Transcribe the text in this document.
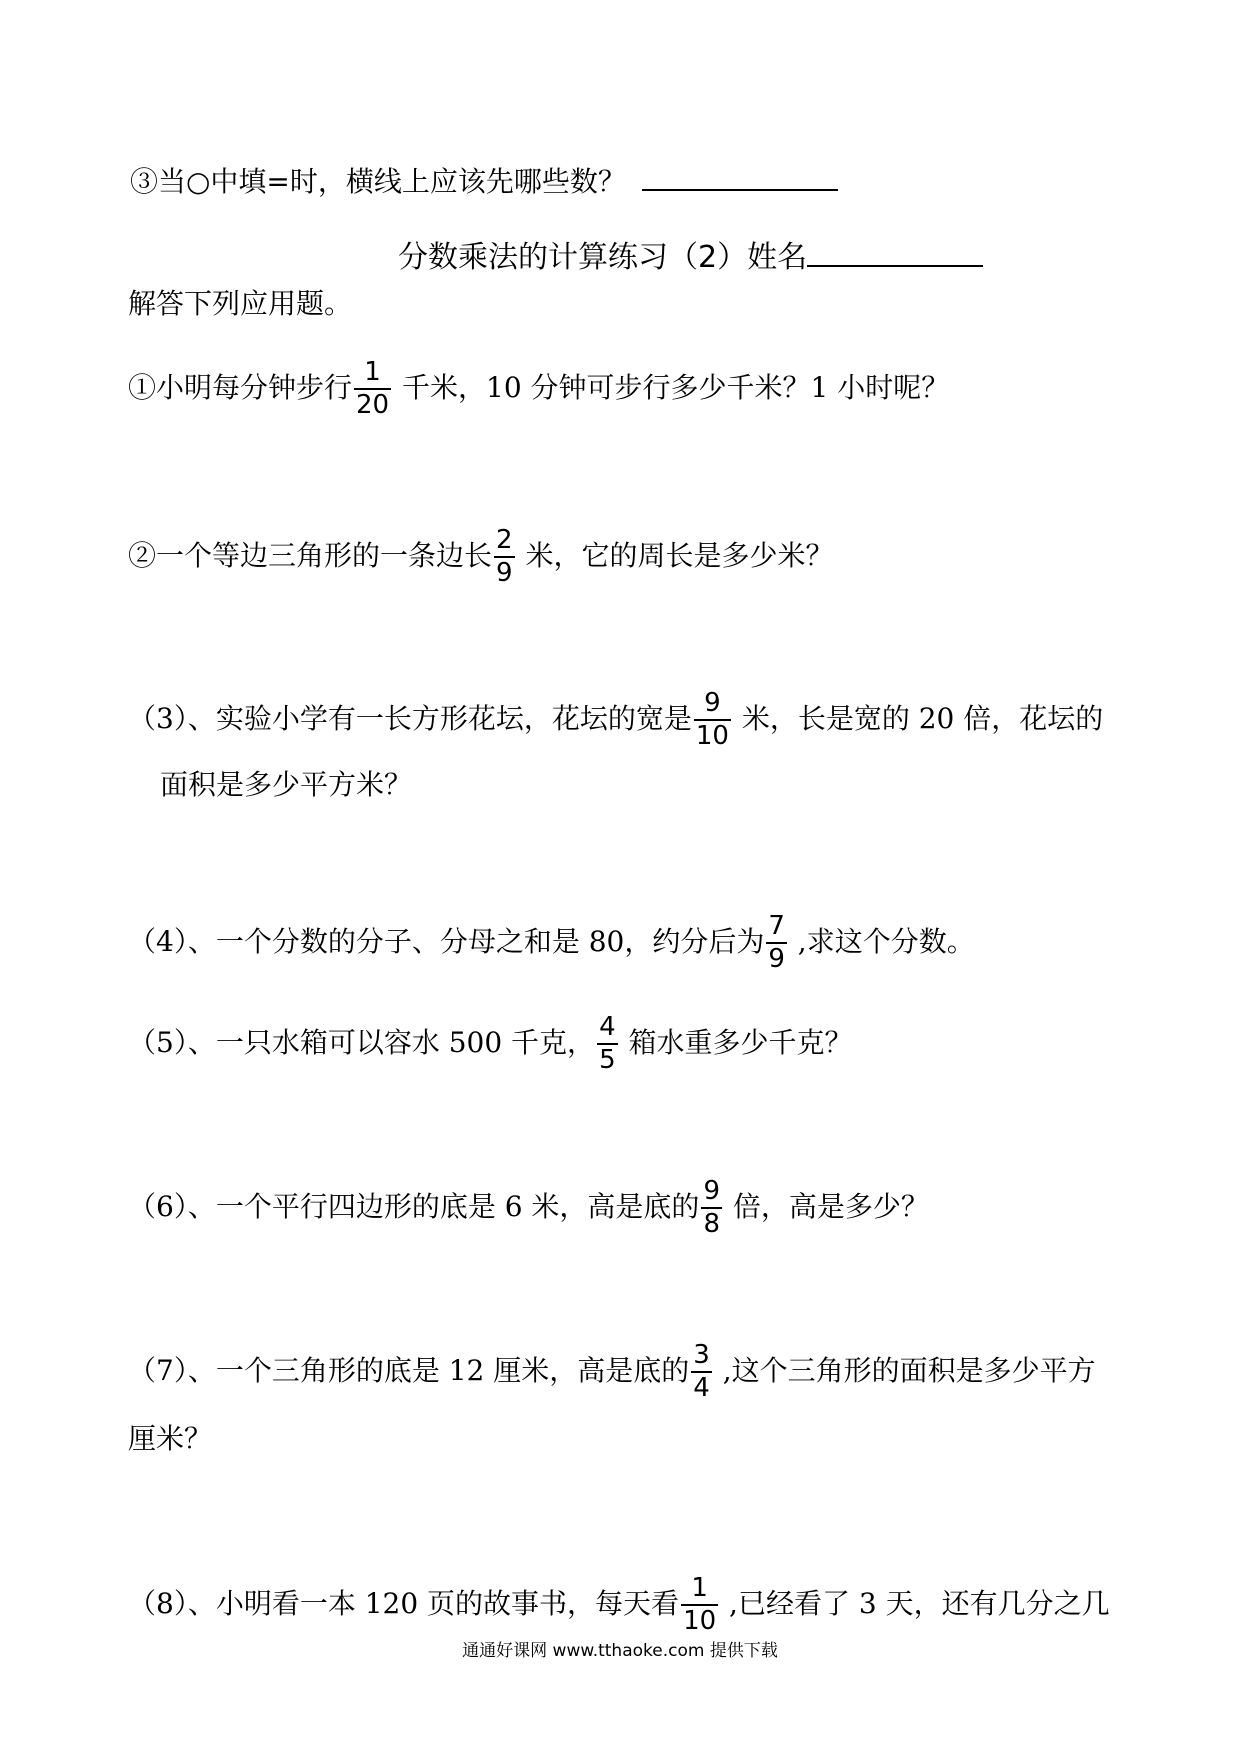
③当○中填=时，横线上应该先哪些数？
分数乘法的计算练习（2）姓名
解答下列应用题。
①小明每分钟步行 $\frac{1}{20}$ 千米，10 分钟可步行多少千米？1 小时呢？
②一个等边三角形的一条边长 $\frac{2}{9}$ 米，它的周长是多少米？
（3）、实验小学有一长方形花坛，花坛的宽是 $\frac{9}{10}$ 米，长是宽的 20 倍，花坛的
面积是多少平方米？
（4）、一个分数的分子、分母之和是 80，约分后为 $\frac{7}{9}$ ,求这个分数。
（5）、一只水箱可以容水 500 千克， $\frac{4}{5}$ 箱水重多少千克？
（6）、一个平行四边形的底是 6 米，高是底的 $\frac{9}{8}$ 倍，高是多少？
（7）、一个三角形的底是 12 厘米，高是底的 $\frac{3}{4}$ ,这个三角形的面积是多少平方
厘米？
（8）、小明看一本 120 页的故事书，每天看 $\frac{1}{10}$ ,已经看了 3 天，还有几分之几
通通好课网 www.tthaoke.com 提供下载
